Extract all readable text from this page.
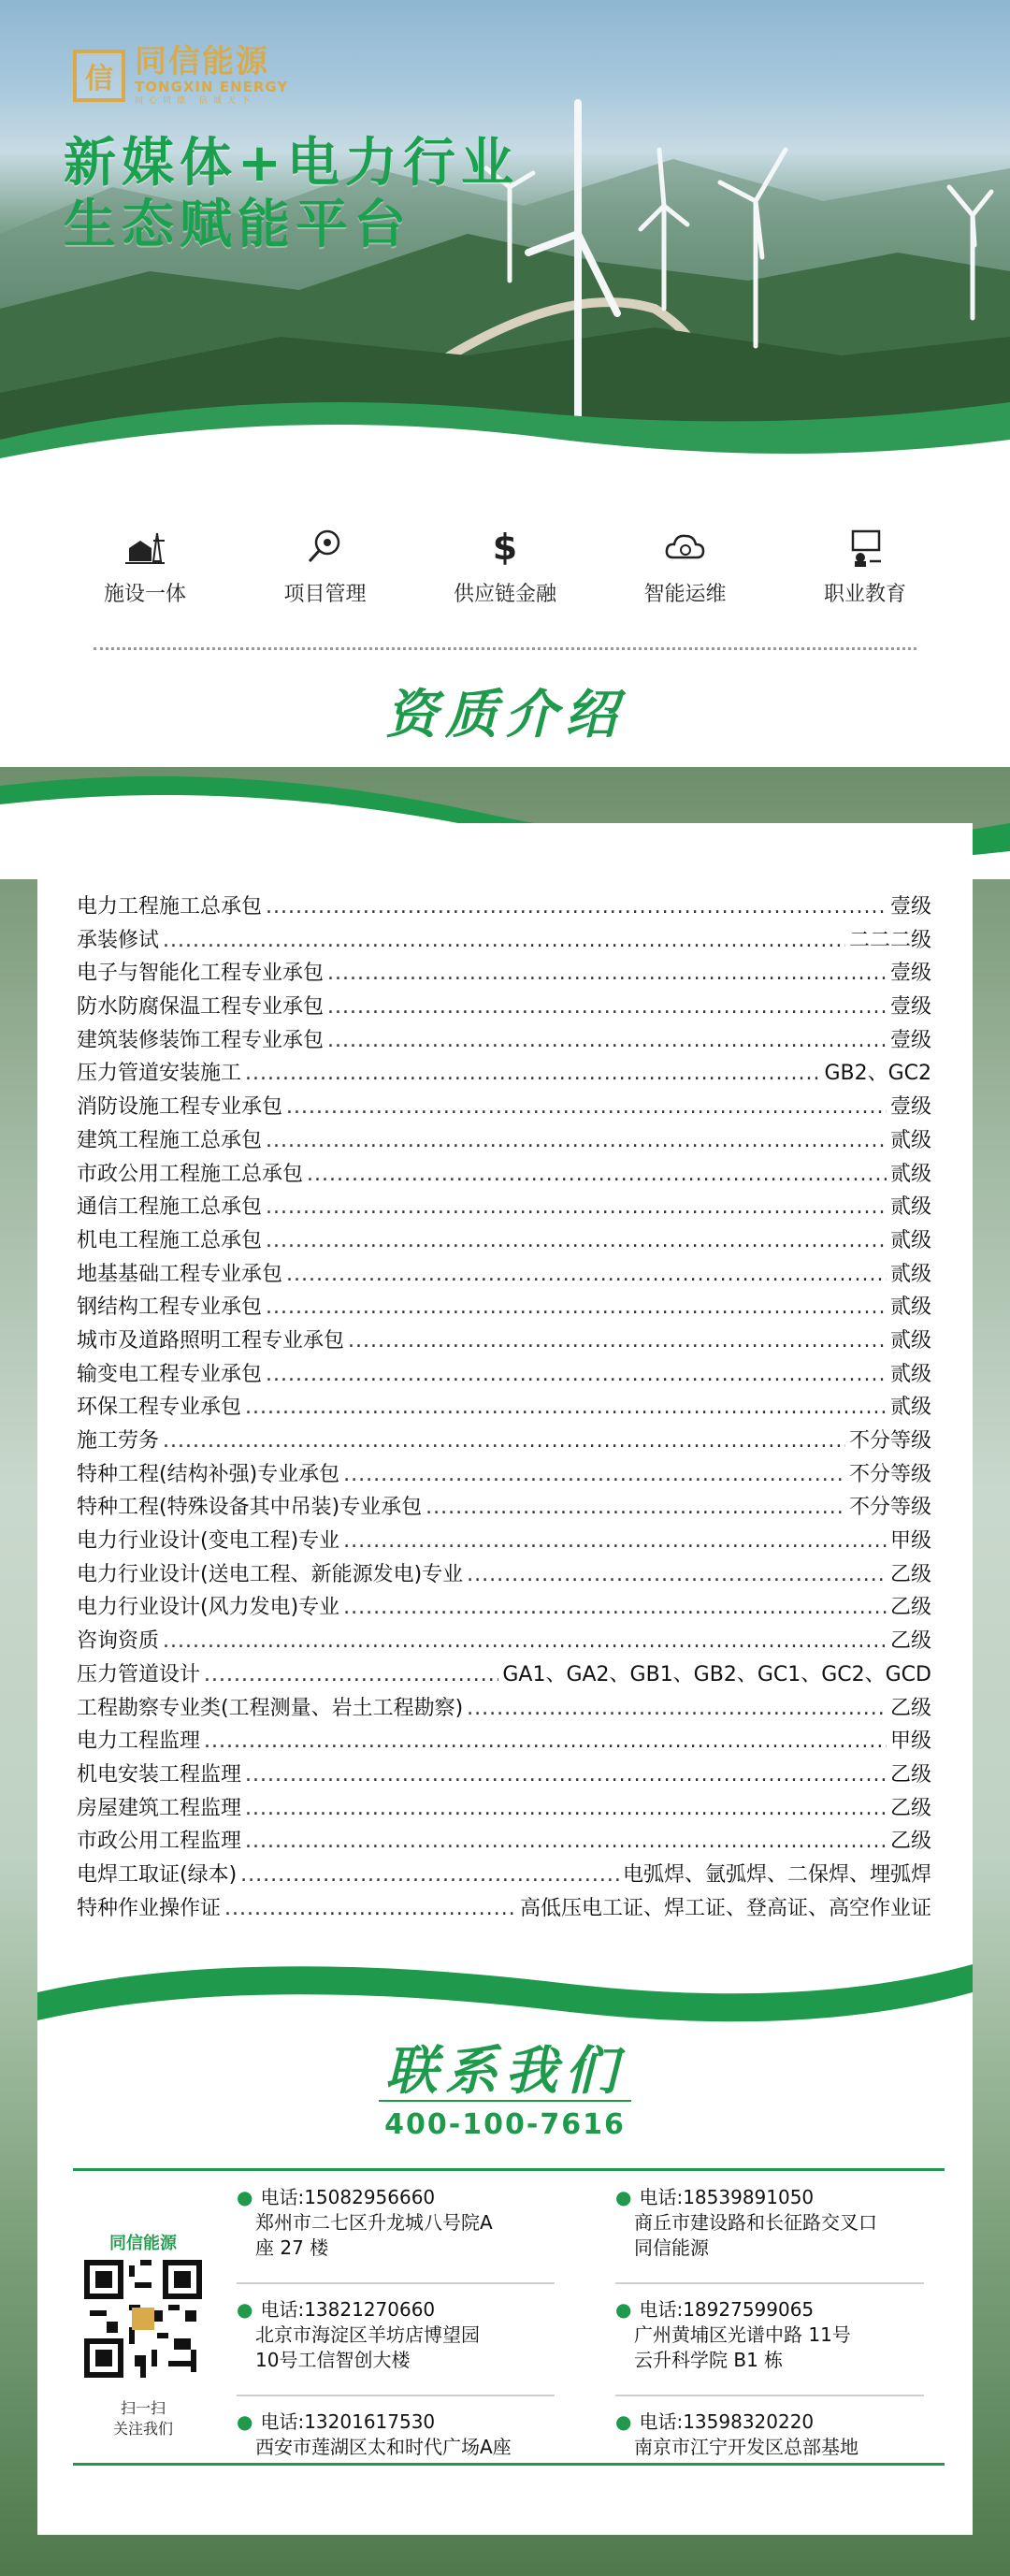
信 同信能源
TONGXIN ENERGY
同心同德 信诚天下
新媒体+电力行业
生态赋能平台
施设一体	项目管理
$
供应链金融	智能运维	职业教育
资质介绍
电力工程施工总承包 .....	壹级
承装修试 .....	二二二级
电子与智能化工程专业承包 .....	壹级
防水防腐保温工程专业承包 .....	壹级
建筑装修装饰工程专业承包 .....	壹级
压力管道安装施工 .....	GB2、GC2
消防设施工程专业承包 .....	壹级
建筑工程施工总承包 .....	贰级
市政公用工程施工总承包 .....	贰级
通信工程施工总承包 .....	贰级
机电工程施工总承包 .....	贰级
地基基础工程专业承包 .....	贰级
钢结构工程专业承包 .....	贰级
城市及道路照明工程专业承包 .....	贰级
输变电工程专业承包 .....	贰级
环保工程专业承包 .....	贰级
施工劳务 .....	不分等级
特种工程(结构补强)专业承包 .....	不分等级
特种工程(特殊设备其中吊装)专业承包 .....	不分等级
电力行业设计(变电工程)专业 .....	甲级
电力行业设计(送电工程、新能源发电)专业 .....	乙级
电力行业设计(风力发电)专业 .....	乙级
咨询资质 .....	乙级
压力管道设计 .....	GA1、GA2、GB1、GB2、GC1、GC2、GCD
工程勘察专业类(工程测量、岩土工程勘察) .....	乙级
电力工程监理 .....	甲级
机电安装工程监理 .....	乙级
房屋建筑工程监理 .....	乙级
市政公用工程监理 .....	乙级
电焊工取证(绿本) .....	电弧焊、氩弧焊、二保焊、埋弧焊
特种作业操作证 .....	高低压电工证、焊工证、登高证、高空作业证
联系我们
400-100-7616
同信能源
扫一扫
关注我们
● 电话:15082956660
郑州市二七区升龙城八号院A
座 27 楼
● 电话:18539891050
商丘市建设路和长征路交叉口
同信能源
● 电话:13821270660
北京市海淀区羊坊店博望园
10号工信智创大楼
● 电话:18927599065
广州黄埔区光谱中路 11号
云升科学院 B1 栋
● 电话:13201617530
西安市莲湖区太和时代广场A座
● 电话:13598320220
南京市江宁开发区总部基地
